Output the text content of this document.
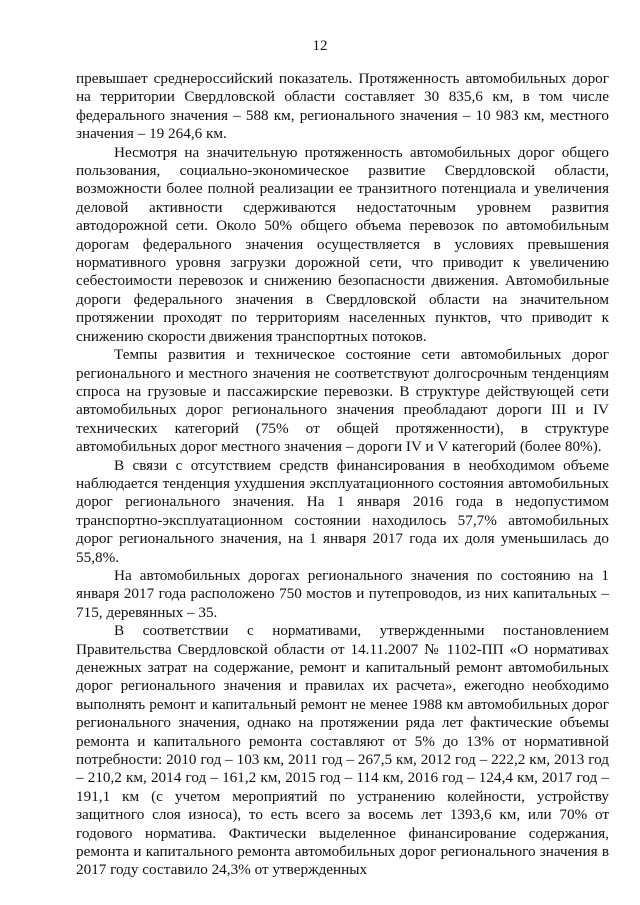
12

превышает среднероссийский показатель. Протяженность автомобильных дорог на территории Свердловской области составляет 30 835,6 км, в том числе федерального значения – 588 км, регионального значения – 10 983 км, местного значения – 19 264,6 км.

Несмотря на значительную протяженность автомобильных дорог общего пользования, социально-экономическое развитие Свердловской области, возможности более полной реализации ее транзитного потенциала и увеличения деловой активности сдерживаются недостаточным уровнем развития автодорожной сети. Около 50% общего объема перевозок по автомобильным дорогам федерального значения осуществляется в условиях превышения нормативного уровня загрузки дорожной сети, что приводит к увеличению себестоимости перевозок и снижению безопасности движения. Автомобильные дороги федерального значения в Свердловской области на значительном протяжении проходят по территориям населенных пунктов, что приводит к снижению скорости движения транспортных потоков.

Темпы развития и техническое состояние сети автомобильных дорог регионального и местного значения не соответствуют долгосрочным тенденциям спроса на грузовые и пассажирские перевозки. В структуре действующей сети автомобильных дорог регионального значения преобладают дороги III и IV технических категорий (75% от общей протяженности), в структуре автомобильных дорог местного значения – дороги IV и V категорий (более 80%).

В связи с отсутствием средств финансирования в необходимом объеме наблюдается тенденция ухудшения эксплуатационного состояния автомобильных дорог регионального значения. На 1 января 2016 года в недопустимом транспортно-эксплуатационном состоянии находилось 57,7% автомобильных дорог регионального значения, на 1 января 2017 года их доля уменьшилась до 55,8%.

На автомобильных дорогах регионального значения по состоянию на 1 января 2017 года расположено 750 мостов и путепроводов, из них капитальных – 715, деревянных – 35.

В соответствии с нормативами, утвержденными постановлением Правительства Свердловской области от 14.11.2007 № 1102-ПП «О нормативах денежных затрат на содержание, ремонт и капитальный ремонт автомобильных дорог регионального значения и правилах их расчета», ежегодно необходимо выполнять ремонт и капитальный ремонт не менее 1988 км автомобильных дорог регионального значения, однако на протяжении ряда лет фактические объемы ремонта и капитального ремонта составляют от 5% до 13% от нормативной потребности: 2010 год – 103 км, 2011 год – 267,5 км, 2012 год – 222,2 км, 2013 год – 210,2 км, 2014 год – 161,2 км, 2015 год – 114 км, 2016 год – 124,4 км, 2017 год – 191,1 км (с учетом мероприятий по устранению колейности, устройству защитного слоя износа), то есть всего за восемь лет 1393,6 км, или 70% от годового норматива. Фактически выделенное финансирование содержания, ремонта и капитального ремонта автомобильных дорог регионального значения в 2017 году составило 24,3% от утвержденных
